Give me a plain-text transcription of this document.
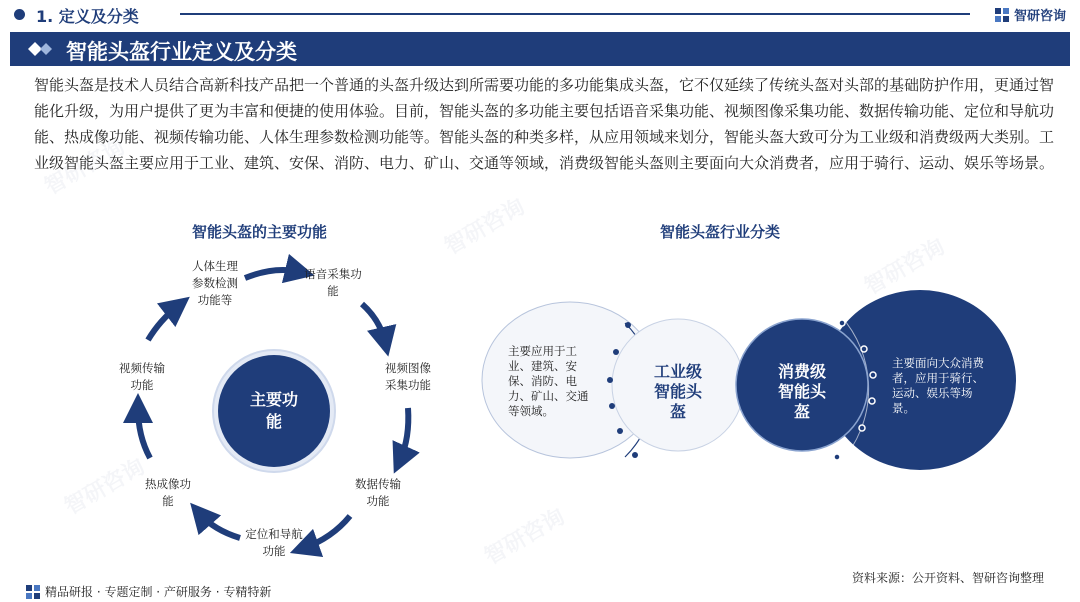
智研咨询
智研咨询
智研咨询
智研咨询
智研咨询
1. 定义及分类	智研咨询
智能头盔行业定义及分类

智能头盔是技术人员结合高新科技产品把一个普通的头盔升级达到所需要功能的多功能集成头盔，它不仅延续了传统头盔对头部的基础防护作用，更通过智能化升级，为用户提供了更为丰富和便捷的使用体验。目前，智能头盔的多功能主要包括语音采集功能、视频图像采集功能、数据传输功能、定位和导航功能、热成像功能、视频传输功能、人体生理参数检测功能等。智能头盔的种类多样，从应用领域来划分，智能头盔大致可分为工业级和消费级两大类别。工业级智能头盔主要应用于工业、建筑、安保、消防、电力、矿山、交通等领域，消费级智能头盔则主要面向大众消费者，应用于骑行、运动、娱乐等场景。

智能头盔的主要功能	智能头盔行业分类
语音采集功能
视频图像采集功能
数据传输功能
定位和导航功能
热成像功能
视频传输功能
人体生理参数检测功能等
主要功能
主要应用于工业、建筑、安保、消防、电力、矿山、交通等领域。
工业级智能头盔
消费级智能头盔
主要面向大众消费者，应用于骑行、运动、娱乐等场景。
精品研报 · 专题定制 · 产研服务 · 专精特新
资料来源：公开资料、智研咨询整理
